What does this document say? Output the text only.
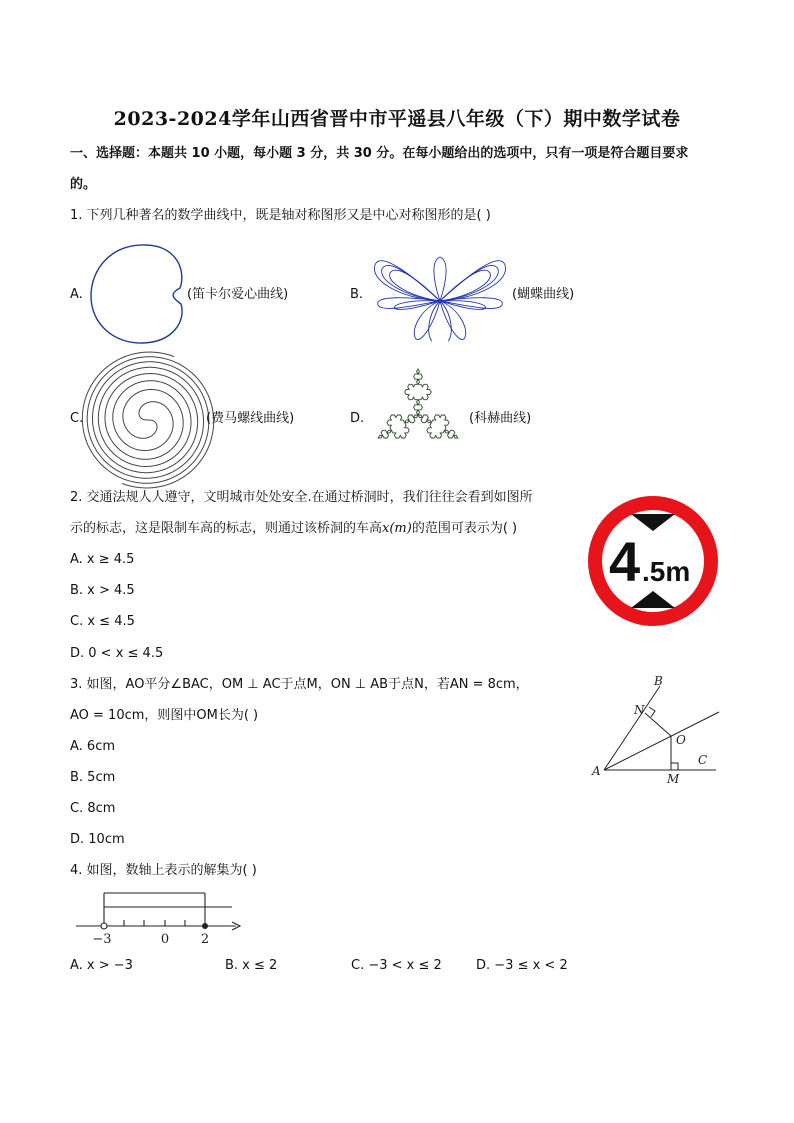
2023-2024学年山西省晋中市平遥县八年级（下）期中数学试卷
一、选择题：本题共 10 小题，每小题 3 分，共 30 分。在每小题给出的选项中，只有一项是符合题目要求
的。
1. 下列几种著名的数学曲线中，既是轴对称图形又是中心对称图形的是( )
A.	(笛卡尔爱心曲线)	B.	(蝴蝶曲线)
C.	(费马螺线曲线)	D.	(科赫曲线)
2. 交通法规人人遵守，文明城市处处安全.在通过桥洞时，我们往往会看到如图所
示的标志，这是限制车高的标志，则通过该桥洞的车高x(m)的范围可表示为( )
A. x ≥ 4.5
B. x > 4.5
C. x ≤ 4.5
D. 0 < x ≤ 4.5
4 .5m
3. 如图，AO平分∠BAC，OM ⊥ AC于点M，ON ⊥ AB于点N，若AN = 8cm，
AO = 10cm，则图中OM长为( )
A. 6cm
B. 5cm
C. 8cm
D. 10cm
B
N
O
C
A
M
4. 如图，数轴上表示的解集为( )
−3	0 2
A. x > −3	B. x ≤ 2	C. −3 < x ≤ 2	D. −3 ≤ x < 2
